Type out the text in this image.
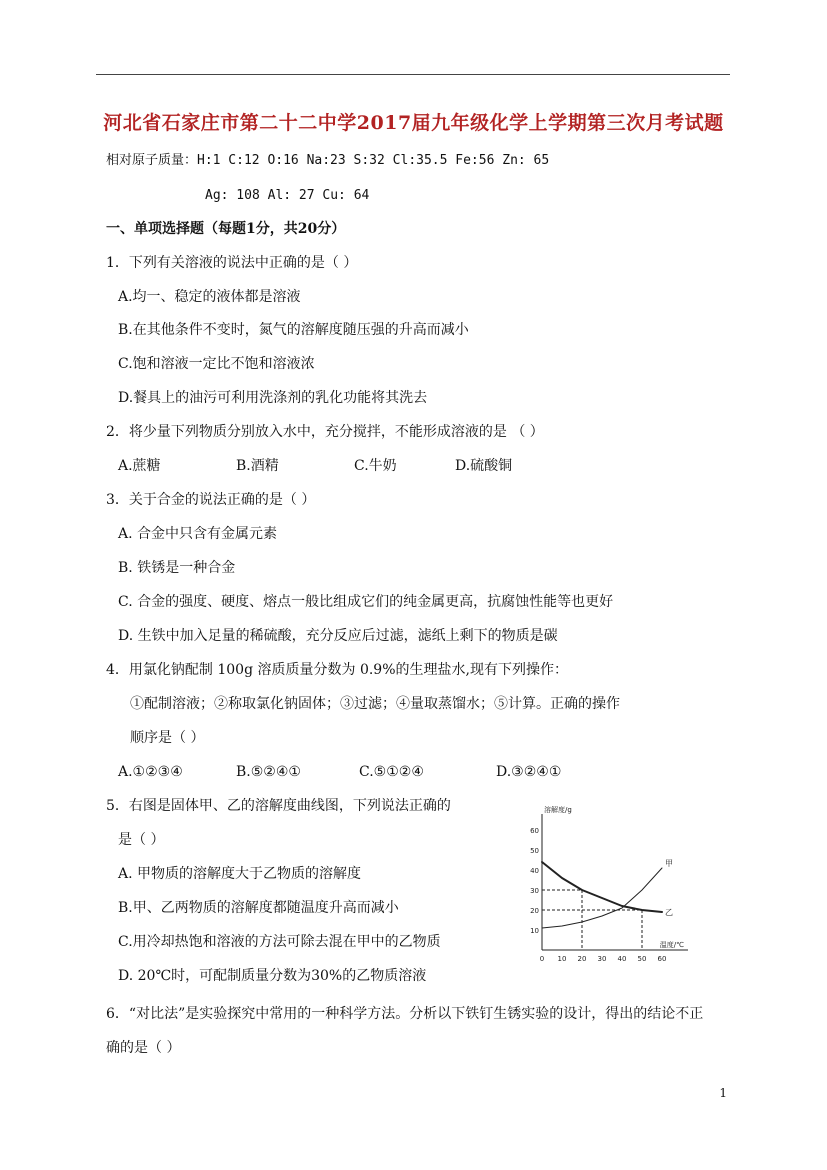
河北省石家庄市第二十二中学2017届九年级化学上学期第三次月考试题
相对原子质量：H:1 C:12 O:16 Na:23 S:32 Cl:35.5 Fe:56 Zn: 65
Ag: 108 Al: 27 Cu: 64
一、单项选择题（每题1分，共20分）
1．下列有关溶液的说法中正确的是（ ）
A.均一、稳定的液体都是溶液
B.在其他条件不变时，氮气的溶解度随压强的升高而减小
C.饱和溶液一定比不饱和溶液浓
D.餐具上的油污可利用洗涤剂的乳化功能将其洗去
2．将少量下列物质分别放入水中，充分搅拌，不能形成溶液的是 （ ）
A.蔗糖	B.酒精	C.牛奶	D.硫酸铜
3．关于合金的说法正确的是（ ）
A. 合金中只含有金属元素
B. 铁锈是一种合金
C. 合金的强度、硬度、熔点一般比组成它们的纯金属更高，抗腐蚀性能等也更好
D. 生铁中加入足量的稀硫酸，充分反应后过滤，滤纸上剩下的物质是碳
4．用氯化钠配制 100g 溶质质量分数为 0.9%的生理盐水,现有下列操作：
①配制溶液；②称取氯化钠固体；③过滤；④量取蒸馏水；⑤计算。正确的操作
顺序是（ ）
A.①②③④	B.⑤②④①	C.⑤①②④	D.③②④①
5．右图是固体甲、乙的溶解度曲线图，下列说法正确的
是（ ）
A. 甲物质的溶解度大于乙物质的溶解度
B.甲、乙两物质的溶解度都随温度升高而减小
C.用冷却热饱和溶液的方法可除去混在甲中的乙物质
D. 20℃时，可配制质量分数为30%的乙物质溶液
0 10 20 30 40 50 60
10
20
30
40
50
60
溶解度/g
温度/℃
甲
乙
6．“对比法”是实验探究中常用的一种科学方法。分析以下铁钉生锈实验的设计，得出的结论不正
确的是（ ）
1
